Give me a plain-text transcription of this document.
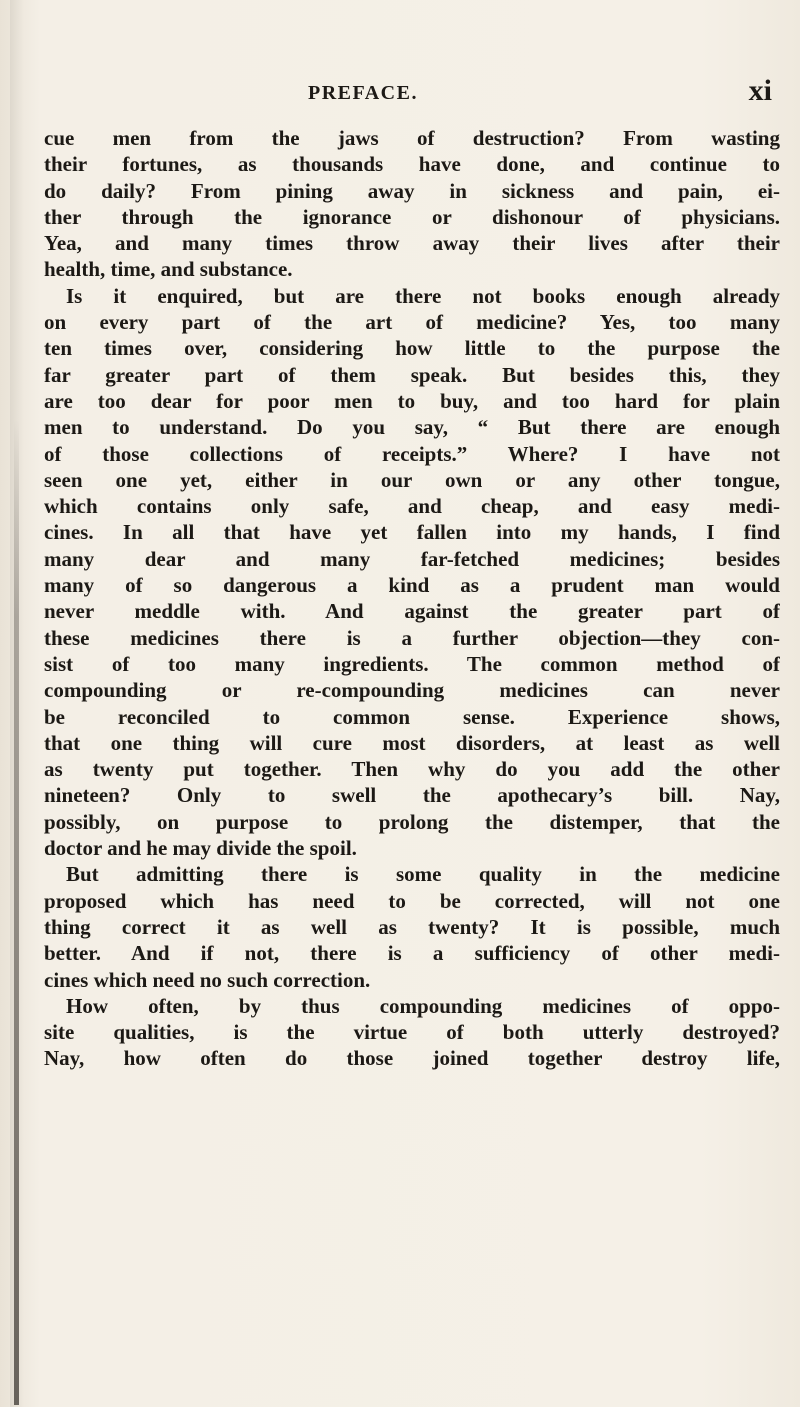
PREFACE.	xi
cue men from the jaws of destruction? From wasting
their fortunes, as thousands have done, and continue to
do daily? From pining away in sickness and pain, ei-
ther through the ignorance or dishonour of physicians.
Yea, and many times throw away their lives after their
health, time, and substance.
Is it enquired, but are there not books enough already
on every part of the art of medicine? Yes, too many
ten times over, considering how little to the purpose the
far greater part of them speak. But besides this, they
are too dear for poor men to buy, and too hard for plain
men to understand. Do you say, “ But there are enough
of those collections of receipts.” Where? I have not
seen one yet, either in our own or any other tongue,
which contains only safe, and cheap, and easy medi-
cines. In all that have yet fallen into my hands, I find
many dear and many far-fetched medicines; besides
many of so dangerous a kind as a prudent man would
never meddle with. And against the greater part of
these medicines there is a further objection—they con-
sist of too many ingredients. The common method of
compounding or re-compounding medicines can never
be reconciled to common sense. Experience shows,
that one thing will cure most disorders, at least as well
as twenty put together. Then why do you add the other
nineteen? Only to swell the apothecary’s bill. Nay,
possibly, on purpose to prolong the distemper, that the
doctor and he may divide the spoil.
But admitting there is some quality in the medicine
proposed which has need to be corrected, will not one
thing correct it as well as twenty? It is possible, much
better. And if not, there is a sufficiency of other medi-
cines which need no such correction.
How often, by thus compounding medicines of oppo-
site qualities, is the virtue of both utterly destroyed?
Nay, how often do those joined together destroy life,
